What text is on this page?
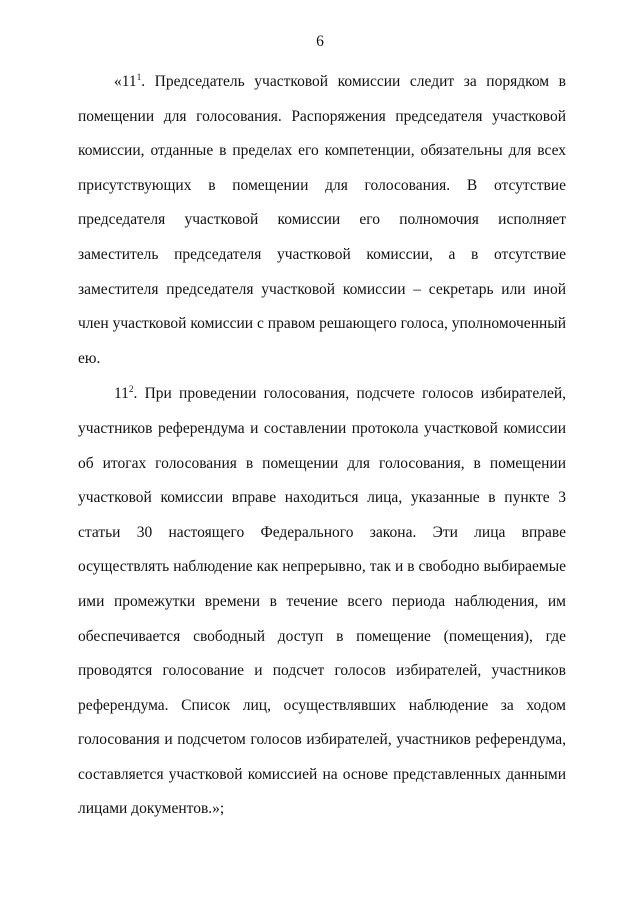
6

«$11^1$. Председатель участковой комиссии следит за порядком в помещении для голосования. Распоряжения председателя участковой комиссии, отданные в пределах его компетенции, обязательны для всех присутствующих в помещении для голосования. В отсутствие председателя участковой комиссии его полномочия исполняет заместитель председателя участковой комиссии, а в отсутствие заместителя председателя участковой комиссии – секретарь или иной член участковой комиссии с правом решающего голоса, уполномоченный ею.

$11^2$. При проведении голосования, подсчете голосов избирателей, участников референдума и составлении протокола участковой комиссии об итогах голосования в помещении для голосования, в помещении участковой комиссии вправе находиться лица, указанные в пункте 3 статьи 30 настоящего Федерального закона. Эти лица вправе осуществлять наблюдение как непрерывно, так и в свободно выбираемые ими промежутки времени в течение всего периода наблюдения, им обеспечивается свободный доступ в помещение (помещения), где проводятся голосование и подсчет голосов избирателей, участников референдума. Список лиц, осуществлявших наблюдение за ходом голосования и подсчетом голосов избирателей, участников референдума, составляется участковой комиссией на основе представленных данными лицами документов.»;
